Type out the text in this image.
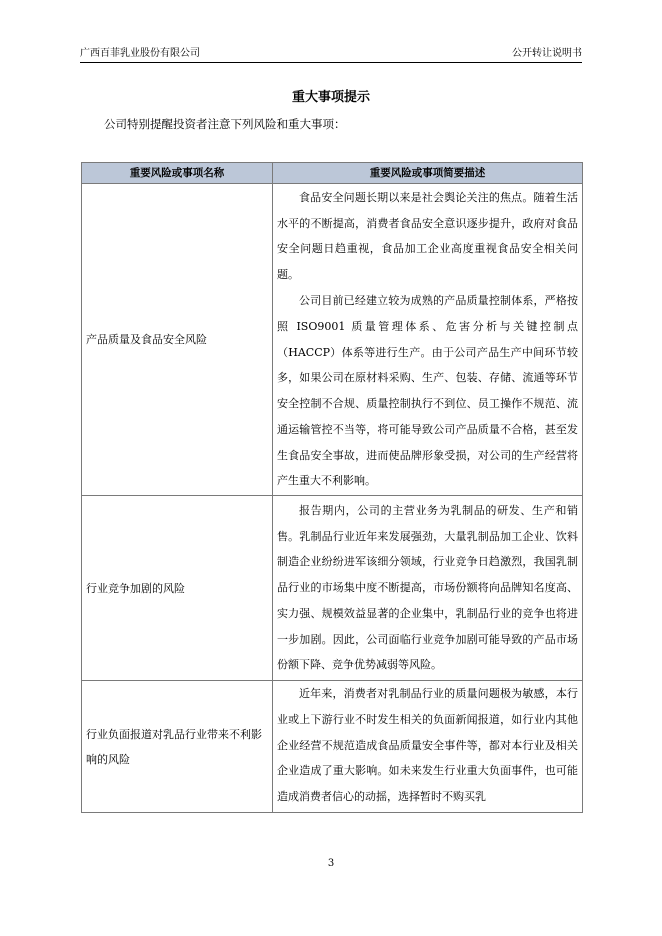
广西百菲乳业股份有限公司	公开转让说明书
重大事项提示
公司特别提醒投资者注意下列风险和重大事项：
重要风险或事项名称	重要风险或事项简要描述
产品质量及食品安全风险	食品安全问题长期以来是社会舆论关注的焦点。随着生活水平的不断提高，消费者食品安全意识逐步提升，政府对食品安全问题日趋重视，食品加工企业高度重视食品安全相关问题。

公司目前已经建立较为成熟的产品质量控制体系，严格按照 ISO9001 质量管理体系、危害分析与关键控制点（HACCP）体系等进行生产。由于公司产品生产中间环节较多，如果公司在原材料采购、生产、包装、存储、流通等环节安全控制不合规、质量控制执行不到位、员工操作不规范、流通运输管控不当等，将可能导致公司产品质量不合格，甚至发生食品安全事故，进而使品牌形象受损，对公司的生产经营将产生重大不利影响。

行业竞争加剧的风险	报告期内，公司的主营业务为乳制品的研发、生产和销售。乳制品行业近年来发展强劲，大量乳制品加工企业、饮料制造企业纷纷进军该细分领域，行业竞争日趋激烈，我国乳制品行业的市场集中度不断提高，市场份额将向品牌知名度高、实力强、规模效益显著的企业集中，乳制品行业的竞争也将进一步加剧。因此，公司面临行业竞争加剧可能导致的产品市场份额下降、竞争优势减弱等风险。

行业负面报道对乳品行业带来不利影响的风险	近年来，消费者对乳制品行业的质量问题极为敏感，本行业或上下游行业不时发生相关的负面新闻报道，如行业内其他企业经营不规范造成食品质量安全事件等，都对本行业及相关企业造成了重大影响。如未来发生行业重大负面事件，也可能造成消费者信心的动摇，选择暂时不购买乳

3
